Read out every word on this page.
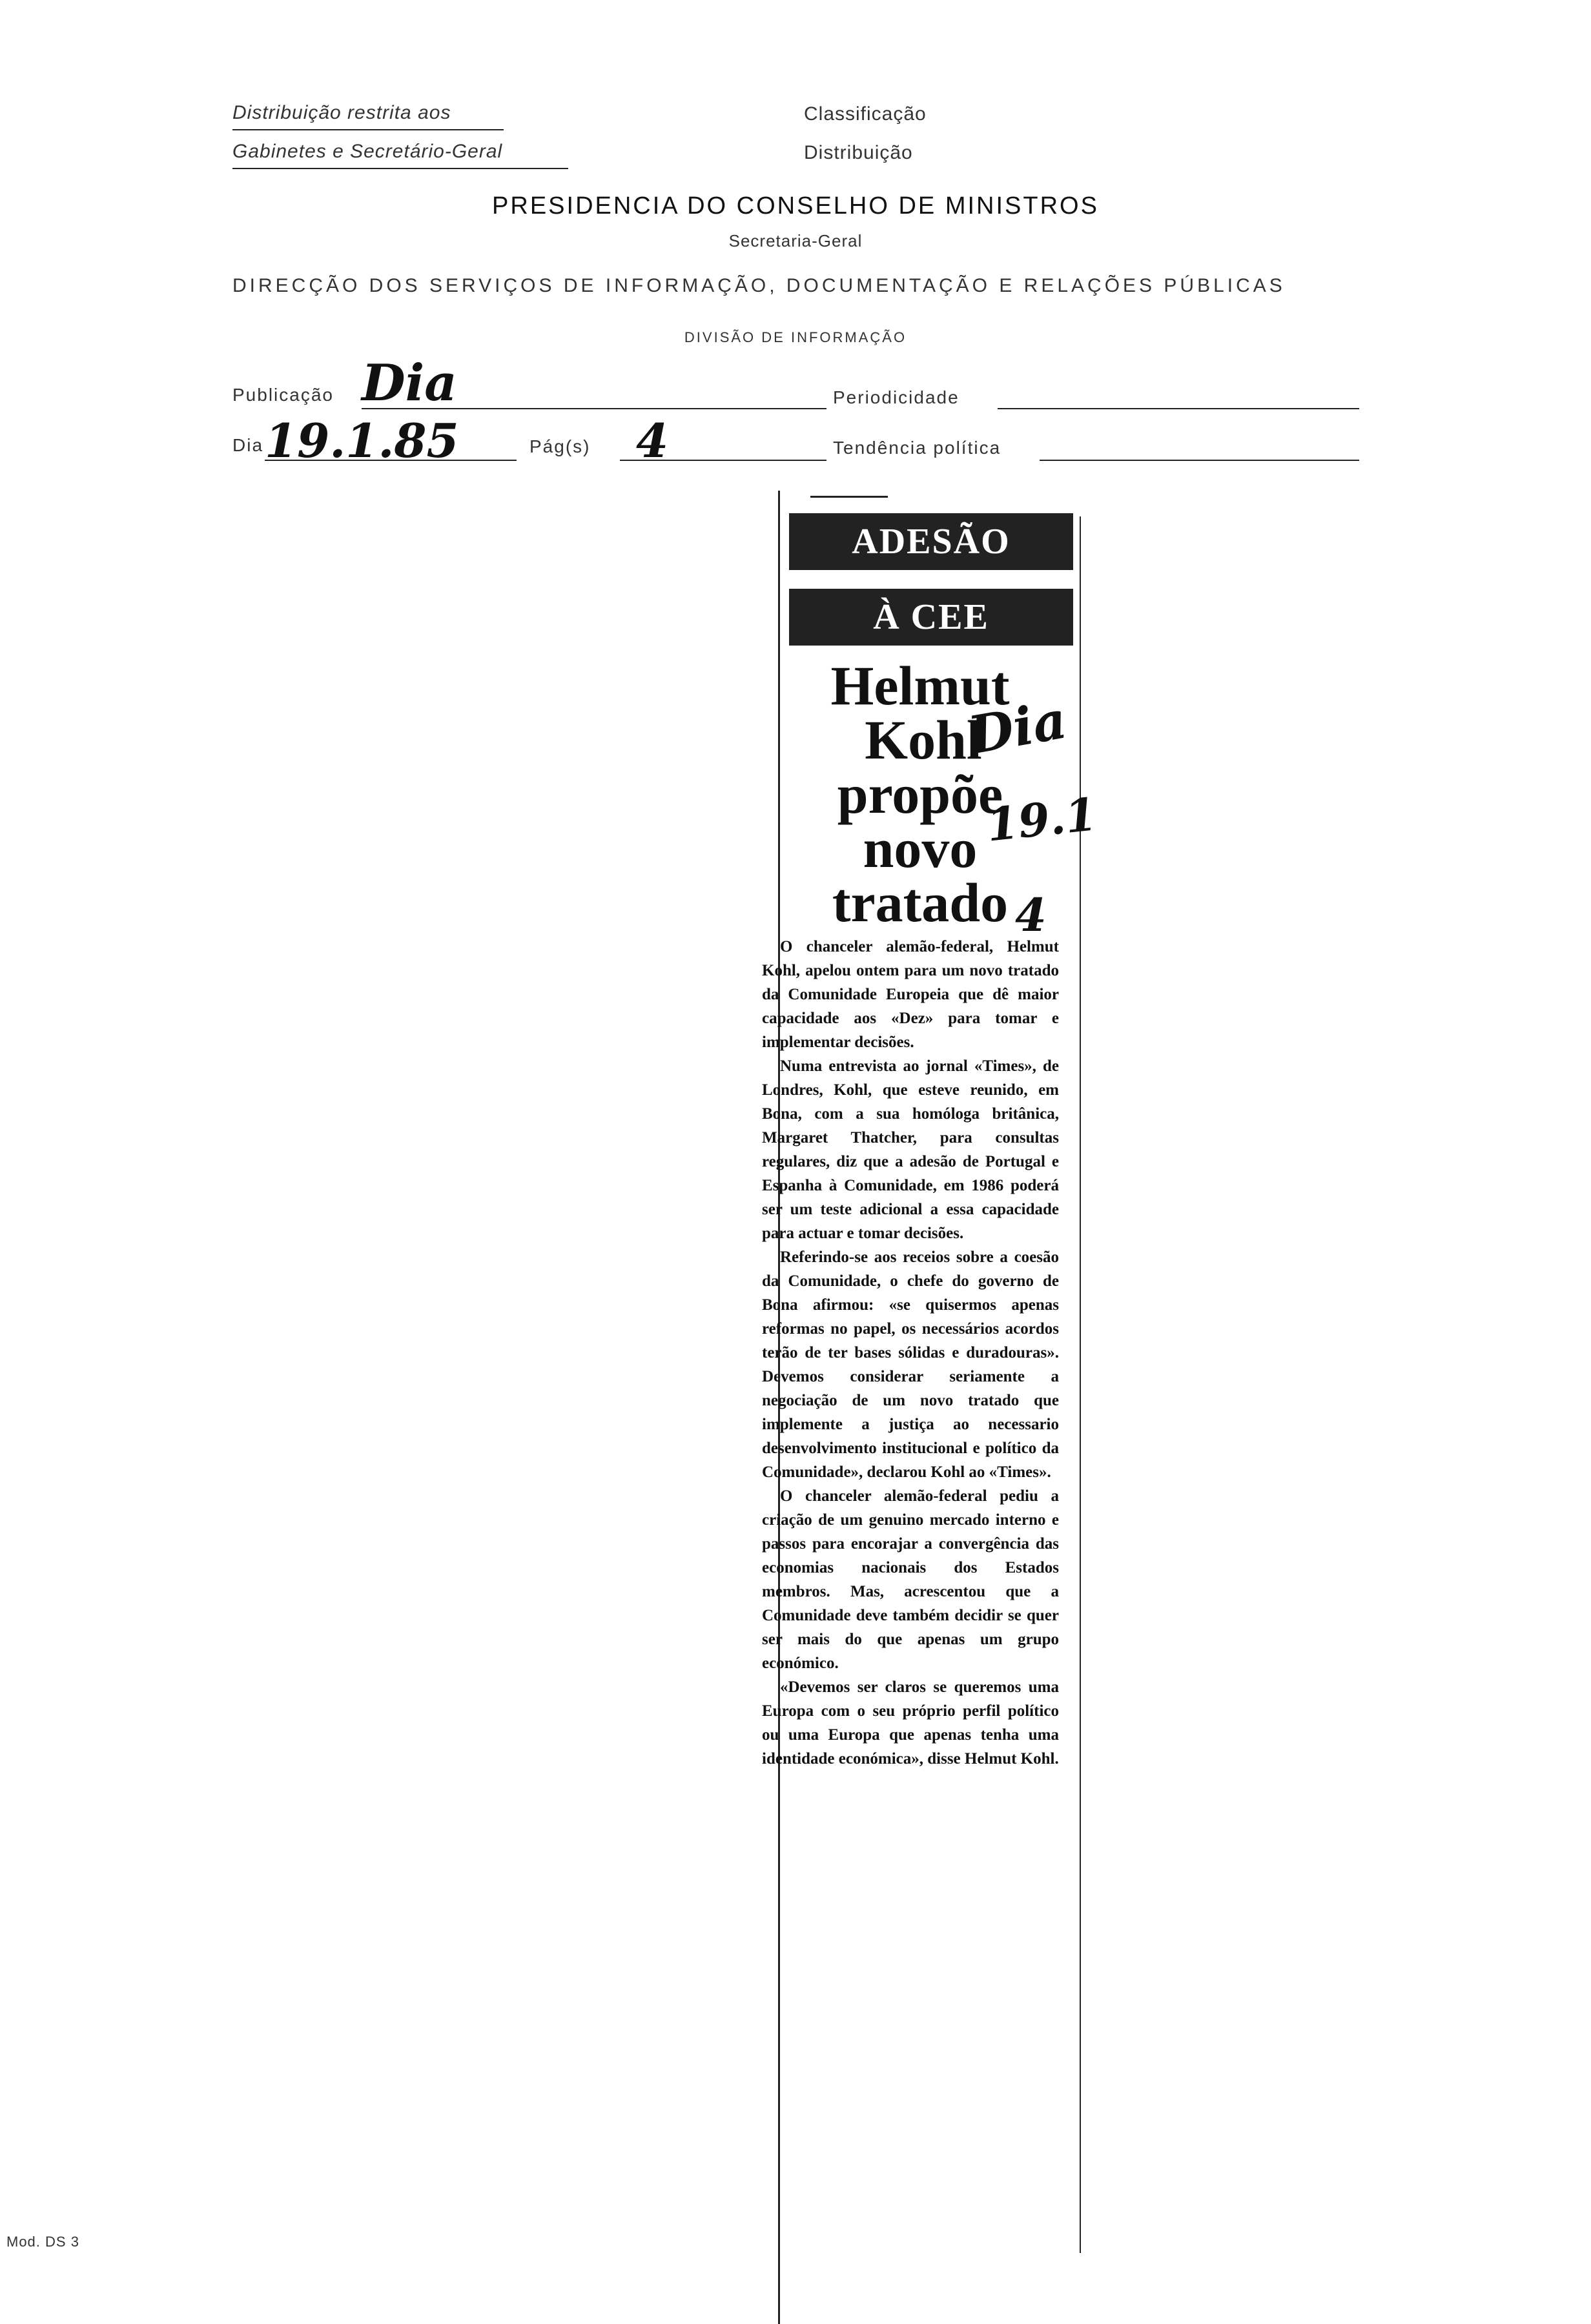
Distribuição restrita aos
Gabinetes e Secretário-Geral
Classificação
Distribuição
PRESIDENCIA DO CONSELHO DE MINISTROS
Secretaria-Geral
DIRECÇÃO DOS SERVIÇOS DE INFORMAÇÃO, DOCUMENTAÇÃO E RELAÇÕES PÚBLICAS
DIVISÃO DE INFORMAÇÃO
Publicação Dia	Periodicidade
Dia 19.1.85	Pág(s) 4	Tendência política
ADESÃO
À CEE
Helmut
Kohl
propõe
novo
tratado
Dia
19.1
4

O chanceler alemão-federal, Helmut Kohl, apelou ontem para um novo tratado da Comunidade Europeia que dê maior capacidade aos «Dez» para tomar e implementar decisões.

Numa entrevista ao jornal «Times», de Londres, Kohl, que esteve reunido, em Bona, com a sua homóloga britânica, Margaret Thatcher, para consultas regulares, diz que a adesão de Portugal e Espanha à Comunidade, em 1986 poderá ser um teste adicional a essa capacidade para actuar e tomar decisões.

Referindo-se aos receios sobre a coesão da Comunidade, o chefe do governo de Bona afirmou: «se quisermos apenas reformas no papel, os necessários acordos terão de ter bases sólidas e duradouras». Devemos considerar seriamente a negociação de um novo tratado que implemente a justiça ao necessario desenvolvimento institucional e político da Comunidade», declarou Kohl ao «Times».

O chanceler alemão-federal pediu a criação de um genuino mercado interno e passos para encorajar a convergência das economias nacionais dos Estados membros. Mas, acrescentou que a Comunidade deve também decidir se quer ser mais do que apenas um grupo económico.

«Devemos ser claros se queremos uma Europa com o seu próprio perfil político ou uma Europa que apenas tenha uma identidade económica», disse Helmut Kohl.

Mod. DS 3
